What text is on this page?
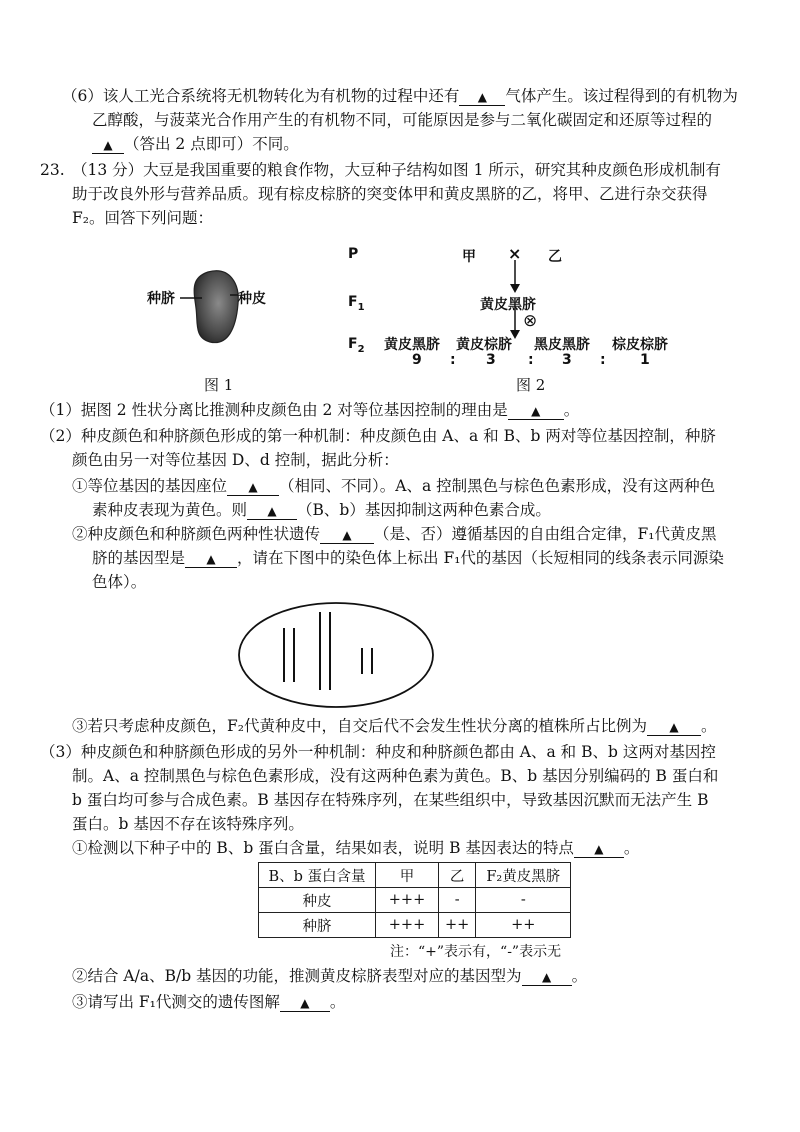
（6）该人工光合系统将无机物转化为有机物的过程中还有 ▲ 气体产生。该过程得到的有机物为
乙醇酸，与菠菜光合作用产生的有机物不同，可能原因是参与二氧化碳固定和还原等过程的
▲ （答出 2 点即可）不同。
23. （13 分）大豆是我国重要的粮食作物，大豆种子结构如图 1 所示，研究其种皮颜色形成机制有
助于改良外形与营养品质。现有棕皮棕脐的突变体甲和黄皮黑脐的乙，将甲、乙进行杂交获得
F₂。回答下列问题：
种脐	种皮
图 1
P	甲 × 乙
$F_1$	黄皮黑脐
⊗
$F_2$ 黄皮黑脐 黄皮棕脐 黑皮黑脐 棕皮棕脐
9 : 3 : 3 : 1
图 2
（1）据图 2 性状分离比推测种皮颜色由 2 对等位基因控制的理由是 ▲ 。
（2）种皮颜色和种脐颜色形成的第一种机制：种皮颜色由 A、a 和 B、b 两对等位基因控制，种脐
颜色由另一对等位基因 D、d 控制，据此分析：
①等位基因的基因座位 ▲ （相同、不同）。A、a 控制黑色与棕色色素形成，没有这两种色
素种皮表现为黄色。则 ▲ （B、b）基因抑制这两种色素合成。
②种皮颜色和种脐颜色两种性状遗传 ▲ （是、否）遵循基因的自由组合定律，F₁代黄皮黑
脐的基因型是 ▲ ，请在下图中的染色体上标出 F₁代的基因（长短相同的线条表示同源染
色体）。
③若只考虑种皮颜色，F₂代黄种皮中，自交后代不会发生性状分离的植株所占比例为 ▲ 。
（3）种皮颜色和种脐颜色形成的另外一种机制：种皮和种脐颜色都由 A、a 和 B、b 这两对基因控
制。A、a 控制黑色与棕色色素形成，没有这两种色素为黄色。B、b 基因分别编码的 B 蛋白和
b 蛋白均可参与合成色素。B 基因存在特殊序列，在某些组织中，导致基因沉默而无法产生 B
蛋白。b 基因不存在该特殊序列。
①检测以下种子中的 B、b 蛋白含量，结果如表，说明 B 基因表达的特点 ▲ 。
B、b 蛋白含量	甲	乙	F₂黄皮黑脐
种皮	+++	-	-
种脐	+++	++	++
注：“+”表示有，“-”表示无
②结合 A/a、B/b 基因的功能，推测黄皮棕脐表型对应的基因型为 ▲ 。
③请写出 F₁代测交的遗传图解 ▲ 。
